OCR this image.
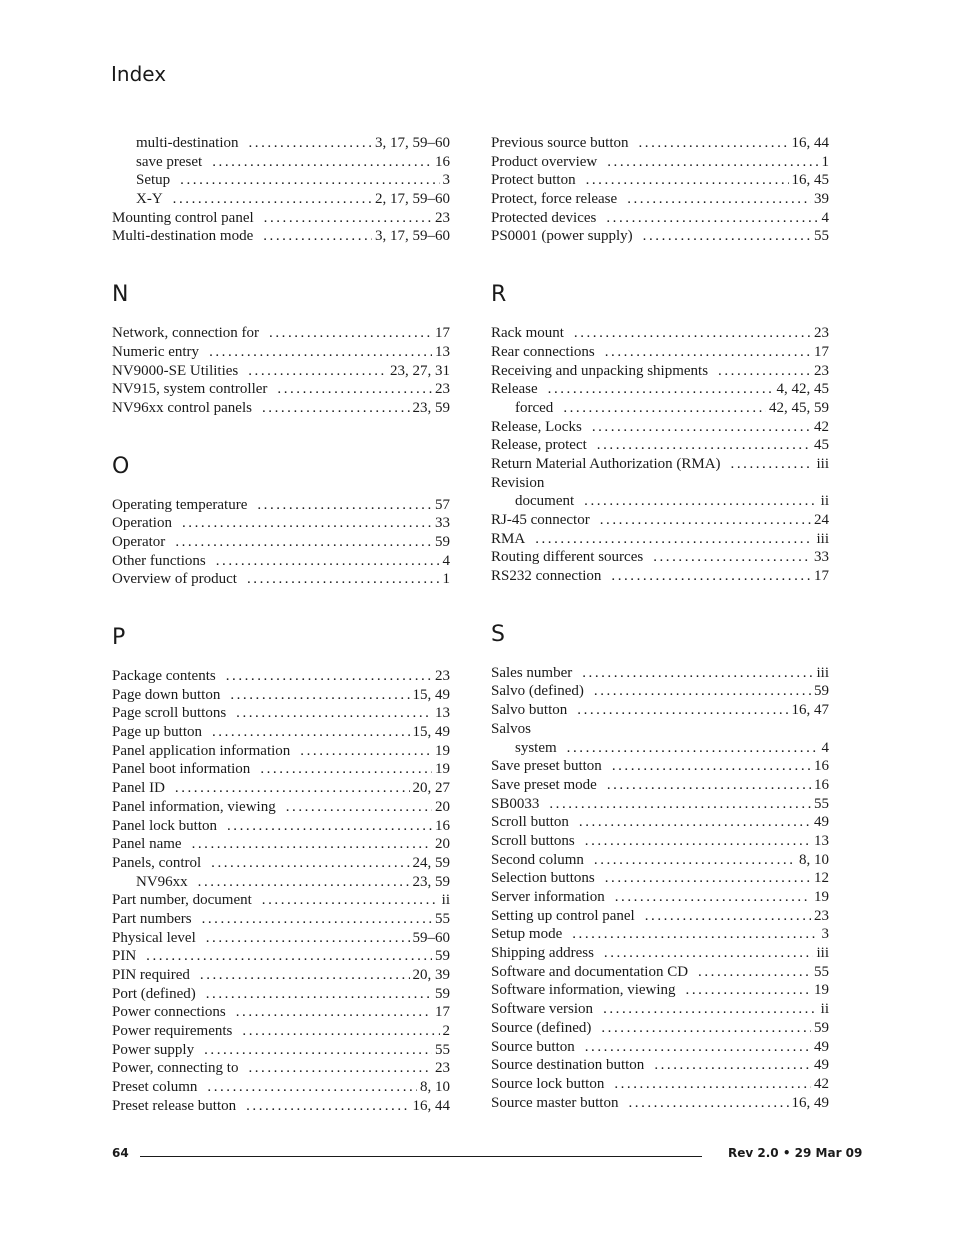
Index
multi-destination . . .	3, 17, 59–60
save preset . . .	16
Setup . . .	3
X-Y . . .	2, 17, 59–60
Mounting control panel . . .	23
Multi-destination mode . . .	3, 17, 59–60
N
Network, connection for . . .	17
Numeric entry . . .	13
NV9000-SE Utilities . . .	23, 27, 31
NV915, system controller . . .	23
NV96xx control panels . . .	23, 59
O
Operating temperature . . .	57
Operation . . .	33
Operator . . .	59
Other functions . . .	4
Overview of product . . .	1
P
Package contents . . .	23
Page down button . . .	15, 49
Page scroll buttons . . .	13
Page up button . . .	15, 49
Panel application information . . .	19
Panel boot information . . .	19
Panel ID . . .	20, 27
Panel information, viewing . . .	20
Panel lock button . . .	16
Panel name . . .	20
Panels, control . . .	24, 59
NV96xx . . .	23, 59
Part number, document . . .	ii
Part numbers . . .	55
Physical level . . .	59–60
PIN . . .	59
PIN required . . .	20, 39
Port (defined) . . .	59
Power connections . . .	17
Power requirements . . .	2
Power supply . . .	55
Power, connecting to . . .	23
Preset column . . .	8, 10
Preset release button . . .	16, 44
Previous source button . . .	16, 44
Product overview . . .	1
Protect button . . .	16, 45
Protect, force release . . .	39
Protected devices . . .	4
PS0001 (power supply) . . .	55
R
Rack mount . . .	23
Rear connections . . .	17
Receiving and unpacking shipments . . .	23
Release . . .	4, 42, 45
forced . . .	42, 45, 59
Release, Locks . . .	42
Release, protect . . .	45
Return Material Authorization (RMA) . . .	iii
Revision
document . . .	ii
RJ-45 connector . . .	24
RMA . . .	iii
Routing different sources . . .	33
RS232 connection . . .	17
S
Sales number . . .	iii
Salvo (defined) . . .	59
Salvo button . . .	16, 47
Salvos
system . . .	4
Save preset button . . .	16
Save preset mode . . .	16
SB0033 . . .	55
Scroll button . . .	49
Scroll buttons . . .	13
Second column . . .	8, 10
Selection buttons . . .	12
Server information . . .	19
Setting up control panel . . .	23
Setup mode . . .	3
Shipping address . . .	iii
Software and documentation CD . . .	55
Software information, viewing . . .	19
Software version . . .	ii
Source (defined) . . .	59
Source button . . .	49
Source destination button . . .	49
Source lock button . . .	42
Source master button . . .	16, 49
64	Rev 2.0 • 29 Mar 09
